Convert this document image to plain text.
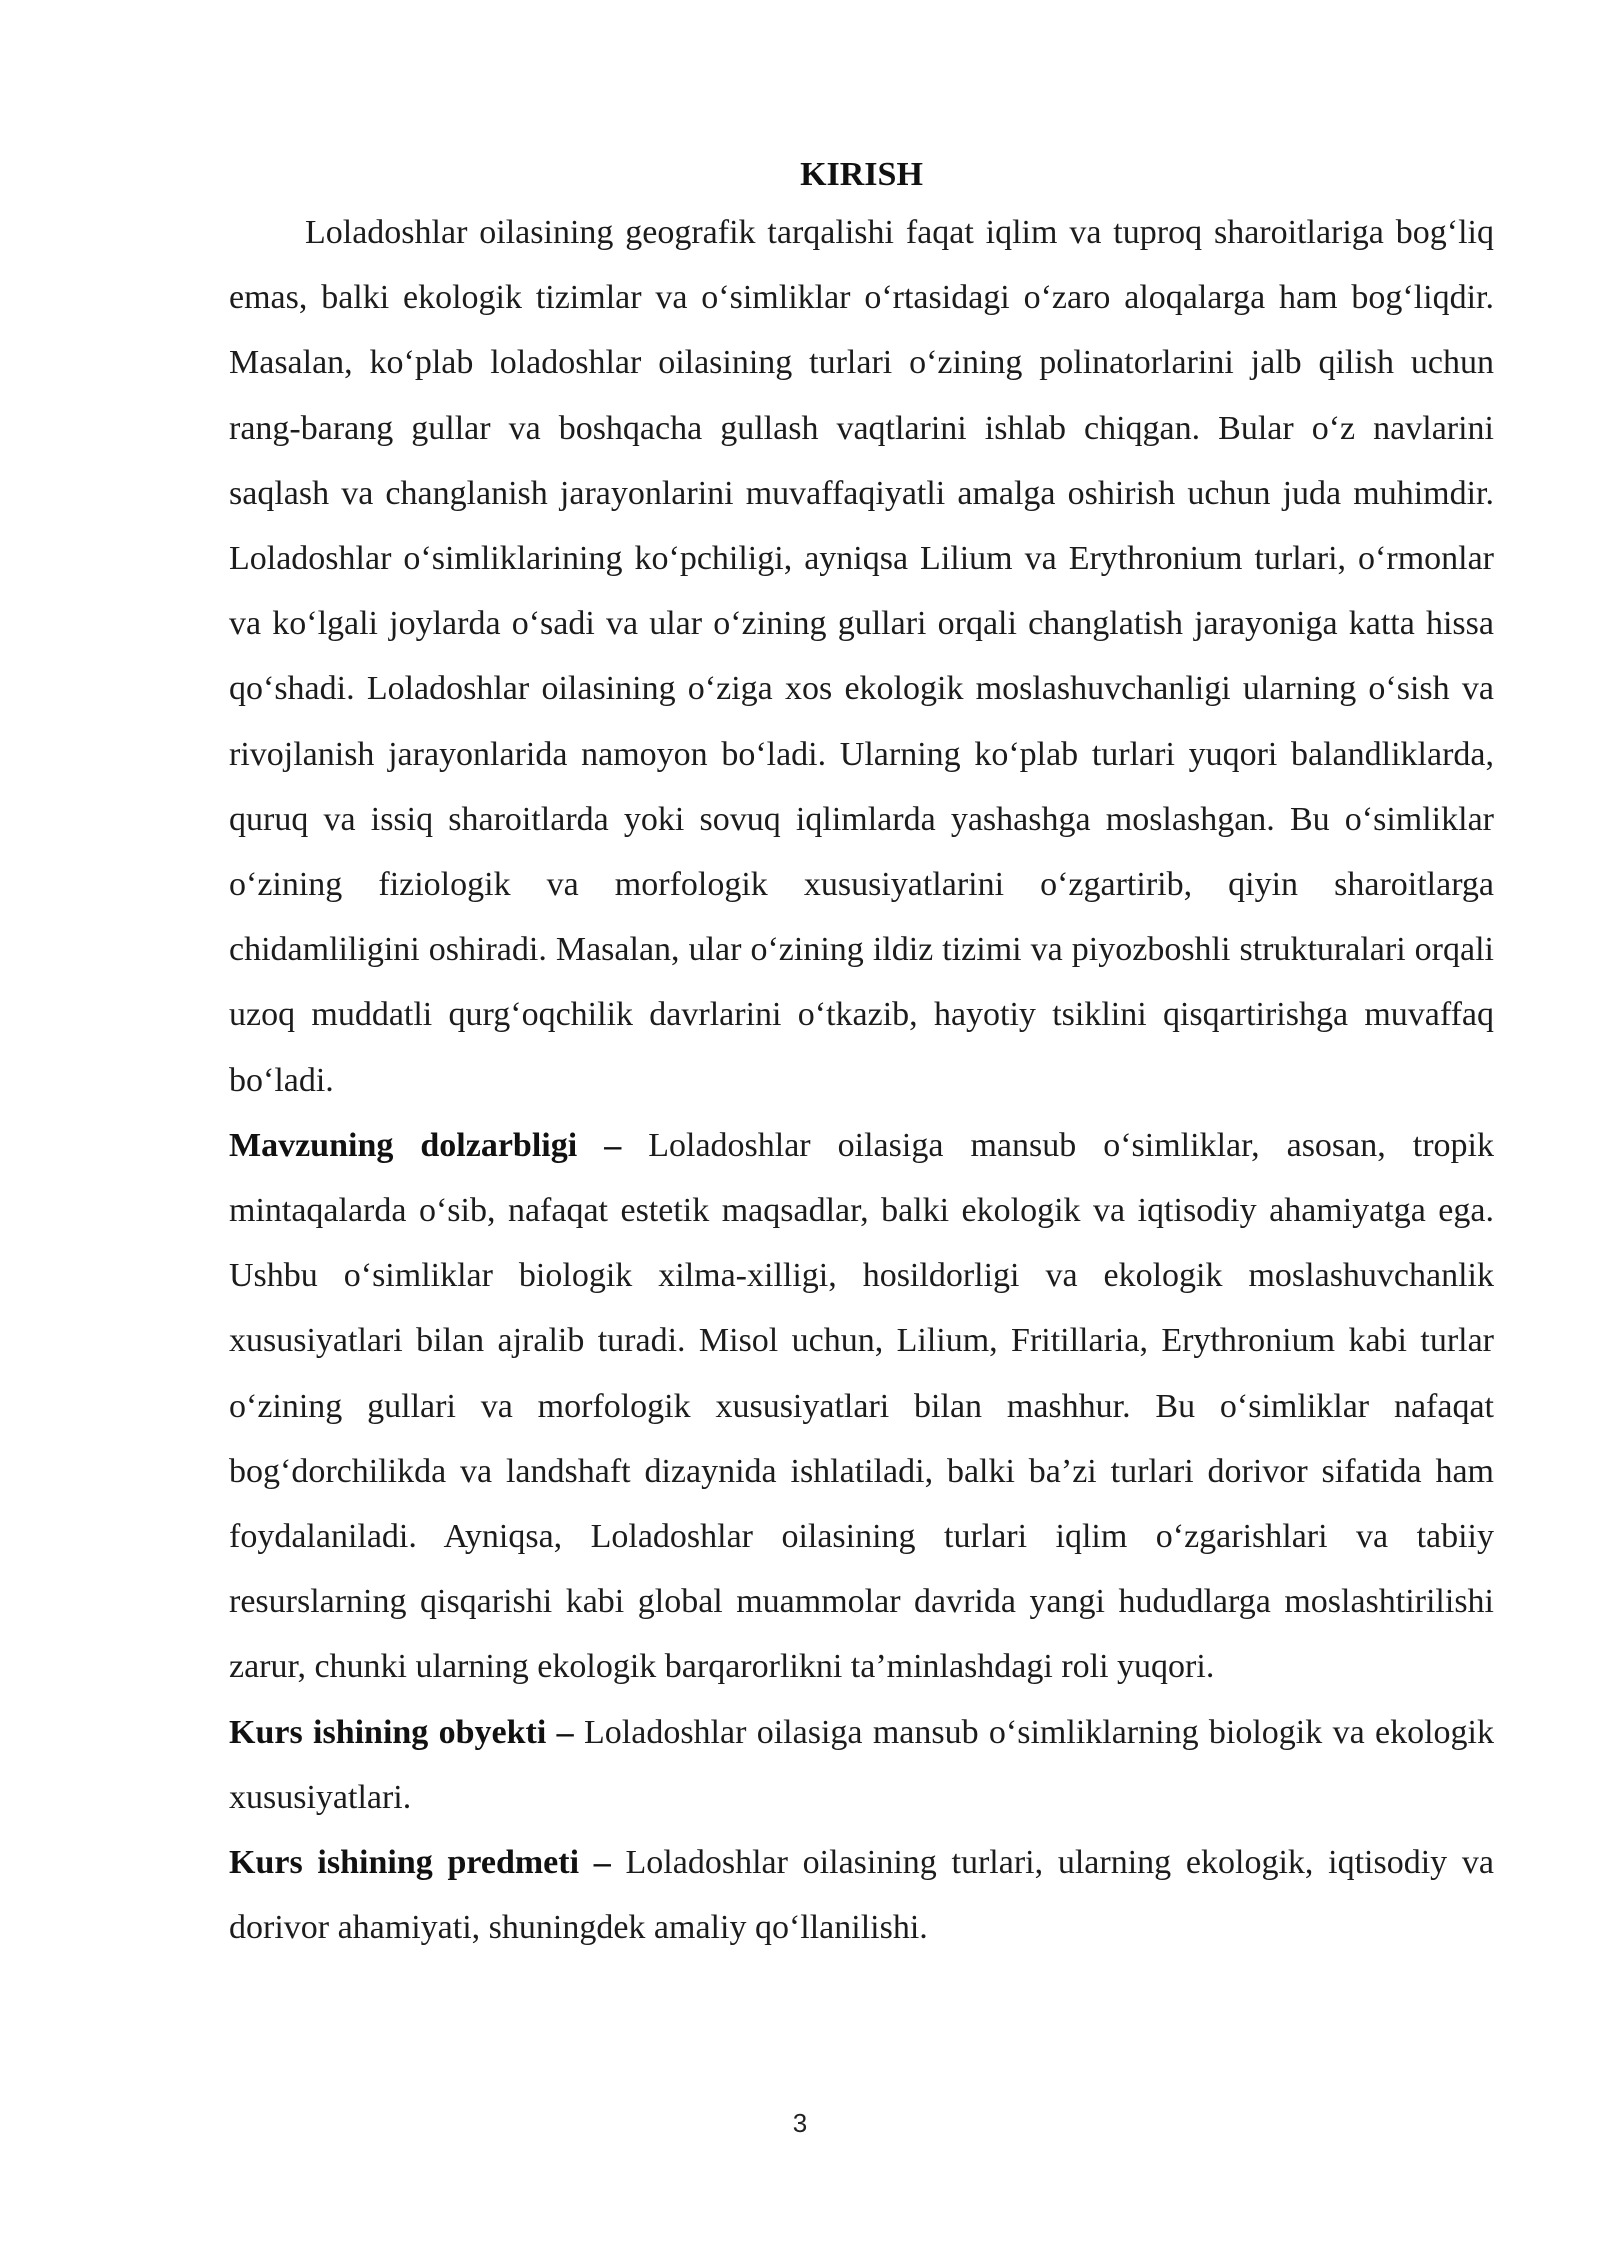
KIRISH

Loladoshlar oilasining geografik tarqalishi faqat iqlim va tuproq sharoitlariga bog‘liq emas, balki ekologik tizimlar va o‘simliklar o‘rtasidagi o‘zaro aloqalarga ham bog‘liqdir. Masalan, ko‘plab loladoshlar oilasining turlari o‘zining polinatorlarini jalb qilish uchun rang-barang gullar va boshqacha gullash vaqtlarini ishlab chiqgan. Bular o‘z navlarini saqlash va changlanish jarayonlarini muvaffaqiyatli amalga oshirish uchun juda muhimdir. Loladoshlar o‘simliklarining ko‘pchiligi, ayniqsa Lilium va Erythronium turlari, o‘rmonlar va ko‘lgali joylarda o‘sadi va ular o‘zining gullari orqali changlatish jarayoniga katta hissa qo‘shadi. Loladoshlar oilasining o‘ziga xos ekologik moslashuvchanligi ularning o‘sish va rivojlanish jarayonlarida namoyon bo‘ladi. Ularning ko‘plab turlari yuqori balandliklarda, quruq va issiq sharoitlarda yoki sovuq iqlimlarda yashashga moslashgan. Bu o‘simliklar o‘zining fiziologik va morfologik xususiyatlarini o‘zgartirib, qiyin sharoitlarga chidamliligini oshiradi. Masalan, ular o‘zining ildiz tizimi va piyozboshli strukturalari orqali uzoq muddatli qurg‘oqchilik davrlarini o‘tkazib, hayotiy tsiklini qisqartirishga muvaffaq bo‘ladi.

Mavzuning dolzarbligi – Loladoshlar oilasiga mansub o‘simliklar, asosan, tropik mintaqalarda o‘sib, nafaqat estetik maqsadlar, balki ekologik va iqtisodiy ahamiyatga ega. Ushbu o‘simliklar biologik xilma-xilligi, hosildorligi va ekologik moslashuvchanlik xususiyatlari bilan ajralib turadi. Misol uchun, Lilium, Fritillaria, Erythronium kabi turlar o‘zining gullari va morfologik xususiyatlari bilan mashhur. Bu o‘simliklar nafaqat bog‘dorchilikda va landshaft dizaynida ishlatiladi, balki ba’zi turlari dorivor sifatida ham foydalaniladi. Ayniqsa, Loladoshlar oilasining turlari iqlim o‘zgarishlari va tabiiy resurslarning qisqarishi kabi global muammolar davrida yangi hududlarga moslashtirilishi zarur, chunki ularning ekologik barqarorlikni ta’minlashdagi roli yuqori.

Kurs ishining obyekti – Loladoshlar oilasiga mansub o‘simliklarning biologik va ekologik xususiyatlari.

Kurs ishining predmeti – Loladoshlar oilasining turlari, ularning ekologik, iqtisodiy va dorivor ahamiyati, shuningdek amaliy qo‘llanilishi.

3
